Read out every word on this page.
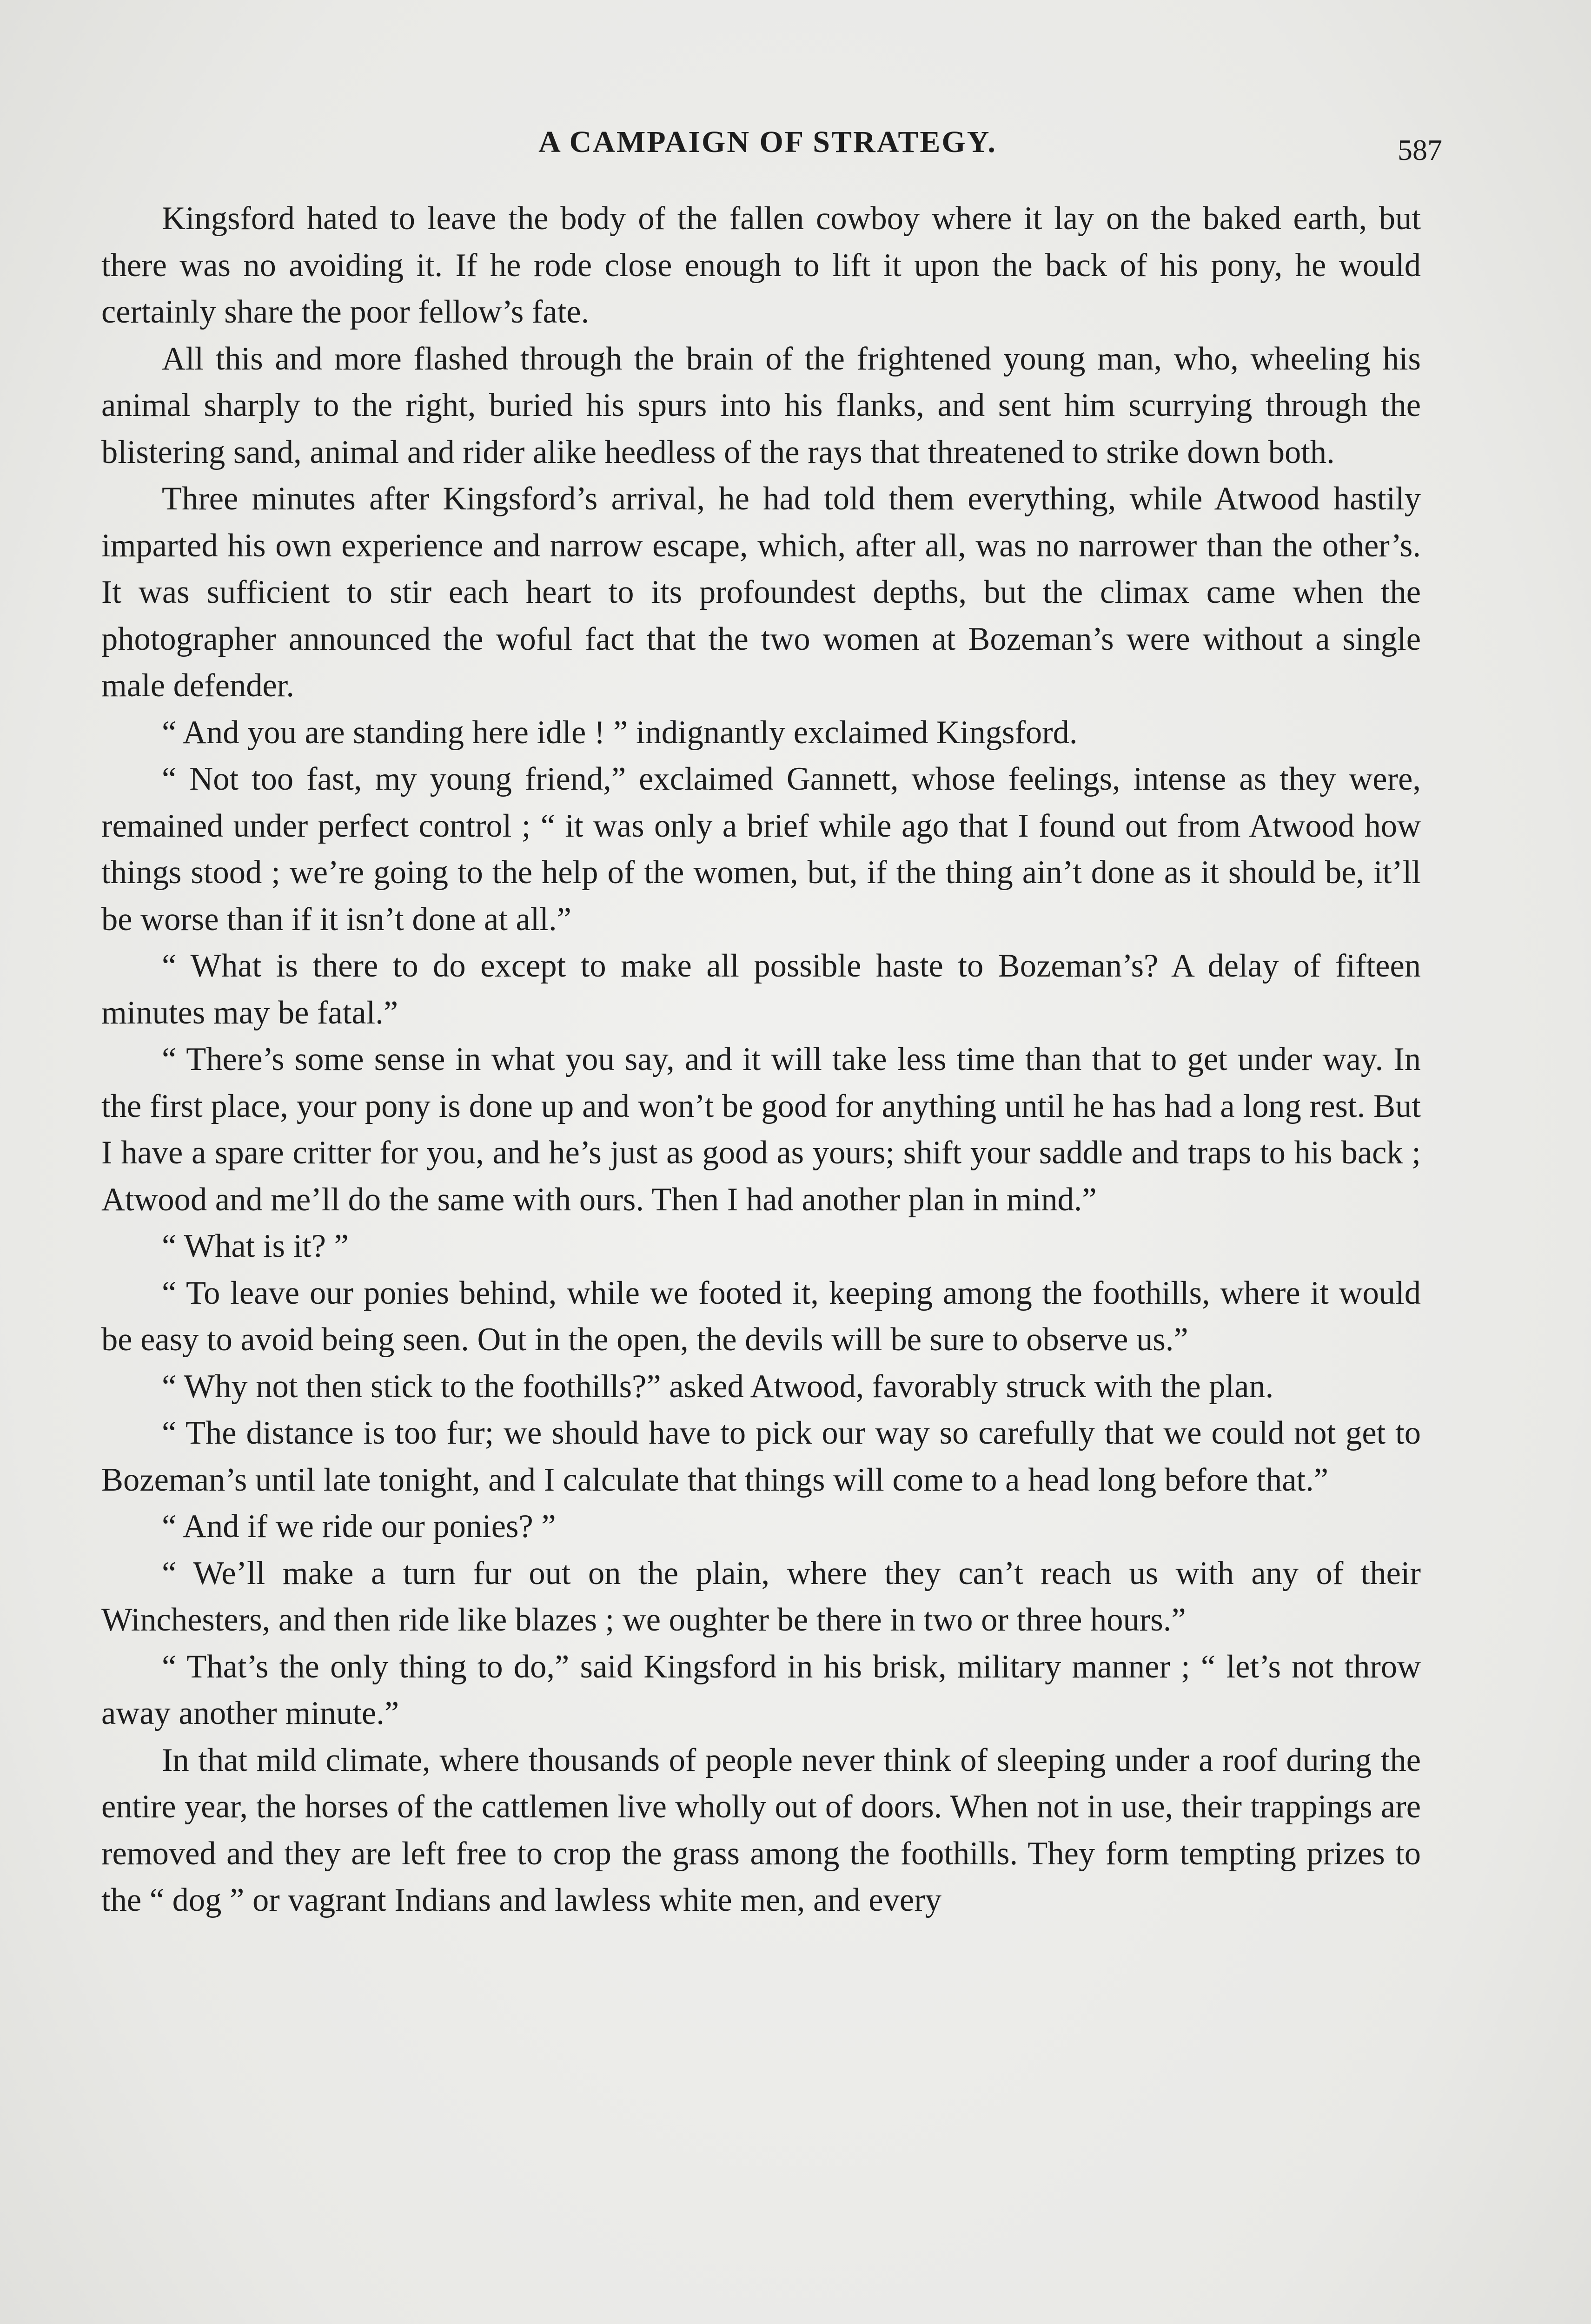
A CAMPAIGN OF STRATEGY.	587

Kingsford hated to leave the body of the fallen cowboy where it lay on the baked earth, but there was no avoiding it. If he rode close enough to lift it upon the back of his pony, he would certainly share the poor fellow’s fate.

All this and more flashed through the brain of the frightened young man, who, wheeling his animal sharply to the right, buried his spurs into his flanks, and sent him scurrying through the blistering sand, animal and rider alike heedless of the rays that threatened to strike down both.

Three minutes after Kingsford’s arrival, he had told them everything, while Atwood hastily imparted his own experience and narrow escape, which, after all, was no narrower than the other’s. It was sufficient to stir each heart to its profoundest depths, but the climax came when the photographer announced the woful fact that the two women at Bozeman’s were without a single male defender.

“ And you are standing here idle ! ” indignantly exclaimed Kingsford.

“ Not too fast, my young friend,” exclaimed Gannett, whose feelings, intense as they were, remained under perfect control ; “ it was only a brief while ago that I found out from Atwood how things stood ; we’re going to the help of the women, but, if the thing ain’t done as it should be, it’ll be worse than if it isn’t done at all.”

“ What is there to do except to make all possible haste to Bozeman’s? A delay of fifteen minutes may be fatal.”

“ There’s some sense in what you say, and it will take less time than that to get under way. In the first place, your pony is done up and won’t be good for anything until he has had a long rest. But I have a spare critter for you, and he’s just as good as yours; shift your saddle and traps to his back ; Atwood and me’ll do the same with ours. Then I had another plan in mind.”

“ What is it? ”

“ To leave our ponies behind, while we footed it, keeping among the foothills, where it would be easy to avoid being seen. Out in the open, the devils will be sure to observe us.”

“ Why not then stick to the foothills?” asked Atwood, favorably struck with the plan.

“ The distance is too fur; we should have to pick our way so carefully that we could not get to Bozeman’s until late tonight, and I calculate that things will come to a head long before that.”

“ And if we ride our ponies? ”

“ We’ll make a turn fur out on the plain, where they can’t reach us with any of their Winchesters, and then ride like blazes ; we oughter be there in two or three hours.”

“ That’s the only thing to do,” said Kingsford in his brisk, military manner ; “ let’s not throw away another minute.”

In that mild climate, where thousands of people never think of sleeping under a roof during the entire year, the horses of the cattlemen live wholly out of doors. When not in use, their trappings are removed and they are left free to crop the grass among the foothills. They form tempting prizes to the “ dog ” or vagrant Indians and lawless white men, and every
